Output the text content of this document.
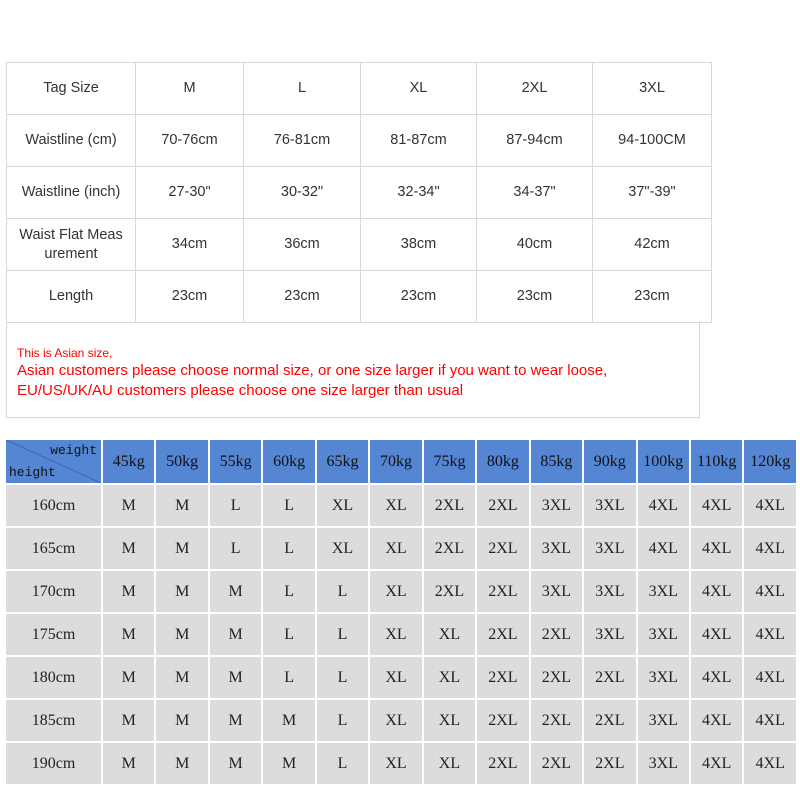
Tag Size	M	L	XL	2XL	3XL
Waistline (cm)	70-76cm	76-81cm	81-87cm	87-94cm	94-100CM
Waistline (inch)	27-30"	30-32"	32-34"	34-37"	37"-39"
Waist Flat Meas urement	34cm	36cm	38cm	40cm	42cm
Length	23cm	23cm	23cm	23cm	23cm
This is Asian size,
Asian customers please choose normal size, or one size larger if you want to wear loose,
EU/US/UK/AU customers please choose one size larger than usual
weight
height	45kg	50kg	55kg	60kg	65kg	70kg	75kg	80kg	85kg	90kg	100kg	110kg	120kg
160cm	M	M	L	L	XL	XL	2XL	2XL	3XL	3XL	4XL	4XL	4XL
165cm	M	M	L	L	XL	XL	2XL	2XL	3XL	3XL	4XL	4XL	4XL
170cm	M	M	M	L	L	XL	2XL	2XL	3XL	3XL	3XL	4XL	4XL
175cm	M	M	M	L	L	XL	XL	2XL	2XL	3XL	3XL	4XL	4XL
180cm	M	M	M	L	L	XL	XL	2XL	2XL	2XL	3XL	4XL	4XL
185cm	M	M	M	M	L	XL	XL	2XL	2XL	2XL	3XL	4XL	4XL
190cm	M	M	M	M	L	XL	XL	2XL	2XL	2XL	3XL	4XL	4XL
